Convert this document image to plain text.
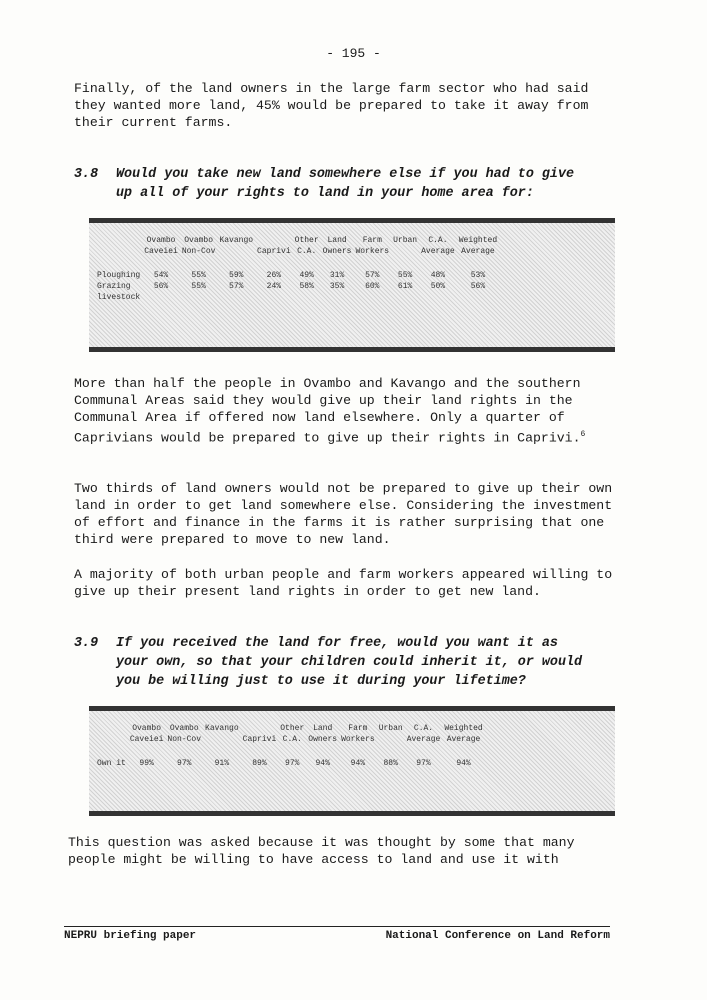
- 195 -

Finally, of the land owners in the large farm sector who had said they wanted more land, 45% would be prepared to take it away from their current farms.

3.8 Would you take new land somewhere else if you had to give
up all of your rights to land in your home area for:
	Ovambo	Ovambo	Kavango		Other	Land	Farm	Urban	C.A.	Weighted
	Caveiei	Non-Cov		Caprivi	C.A.	Owners	Workers		Average	Average
Ploughing	54%	55%	59%	26%	49%	31%	57%	55%	48%	53%
Grazing	56%	55%	57%	24%	58%	35%	60%	61%	50%	56%
livestock										
More than half the people in Ovambo and Kavango and the southern Communal Areas said they would give up their land rights in the Communal Area if offered now land elsewhere. Only a quarter of Caprivians would be prepared to give up their rights in Caprivi.$^6$

Two thirds of land owners would not be prepared to give up their own land in order to get land somewhere else. Considering the investment of effort and finance in the farms it is rather surprising that one third were prepared to move to new land.

A majority of both urban people and farm workers appeared willing to give up their present land rights in order to get new land.

3.9 If you received the land for free, would you want it as
your own, so that your children could inherit it, or would
you be willing just to use it during your lifetime?
	Ovambo	Ovambo	Kavango		Other	Land	Farm	Urban	C.A.	Weighted
	Caveiei	Non-Cov		Caprivi	C.A.	Owners	Workers		Average	Average
Own it	99%	97%	91%	89%	97%	94%	94%	88%	97%	94%

This question was asked because it was thought by some that many people might be willing to have access to land and use it with

NEPRU briefing paper	National Conference on Land Reform
